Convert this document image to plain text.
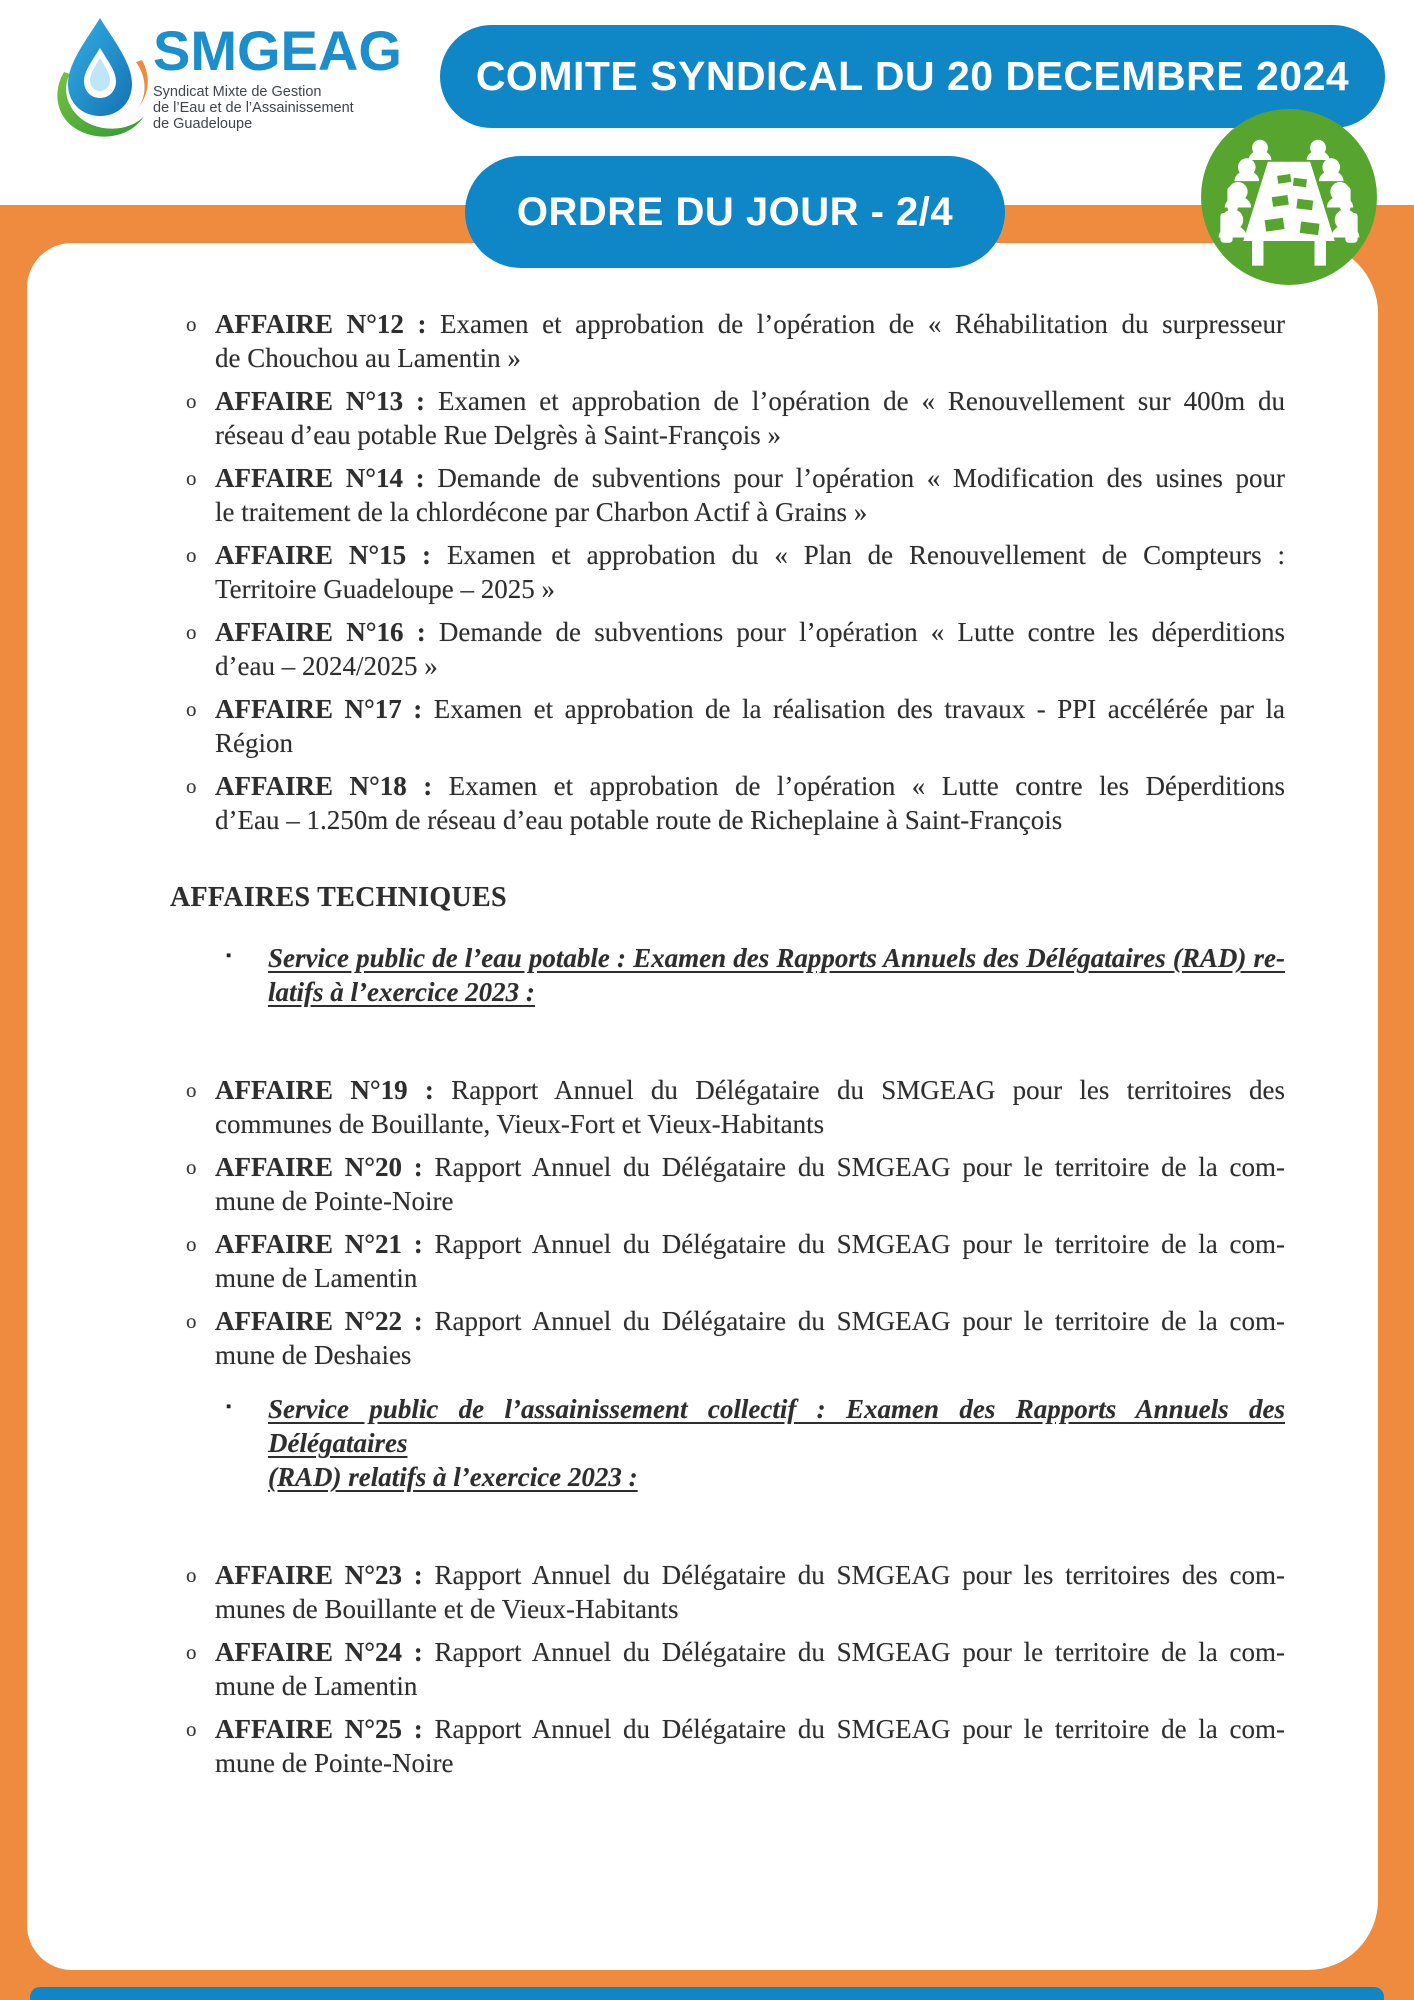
SMGEAG
Syndicat Mixte de Gestion
de l’Eau et de l’Assainissement
de Guadeloupe
COMITE SYNDICAL DU 20 DECEMBRE 2024
ORDRE DU JOUR - 2/4
o AFFAIRE N°12 : Examen et approbation de l’opération de « Réhabilitation du surpresseur
de Chouchou au Lamentin »
o AFFAIRE N°13 : Examen et approbation de l’opération de « Renouvellement sur 400m du
réseau d’eau potable Rue Delgrès à Saint-François »
o AFFAIRE N°14 : Demande de subventions pour l’opération « Modification des usines pour
le traitement de la chlordécone par Charbon Actif à Grains »
o AFFAIRE N°15 : Examen et approbation du « Plan de Renouvellement de Compteurs :
Territoire Guadeloupe – 2025 »
o AFFAIRE N°16 : Demande de subventions pour l’opération « Lutte contre les déperditions
d’eau – 2024/2025 »
o AFFAIRE N°17 : Examen et approbation de la réalisation des travaux - PPI accélérée par la
Région
o AFFAIRE N°18 : Examen et approbation de l’opération « Lutte contre les Déperditions
d’Eau – 1.250m de réseau d’eau potable route de Richeplaine à Saint-François
AFFAIRES TECHNIQUES
▪ Service public de l’eau potable : Examen des Rapports Annuels des Délégataires (RAD) re-
latifs à l’exercice 2023 :
o AFFAIRE N°19 : Rapport Annuel du Délégataire du SMGEAG pour les territoires des
communes de Bouillante, Vieux-Fort et Vieux-Habitants
o AFFAIRE N°20 : Rapport Annuel du Délégataire du SMGEAG pour le territoire de la com-
mune de Pointe-Noire
o AFFAIRE N°21 : Rapport Annuel du Délégataire du SMGEAG pour le territoire de la com-
mune de Lamentin
o AFFAIRE N°22 : Rapport Annuel du Délégataire du SMGEAG pour le territoire de la com-
mune de Deshaies
▪ Service public de l’assainissement collectif : Examen des Rapports Annuels des Délégataires
(RAD) relatifs à l’exercice 2023 :
o AFFAIRE N°23 : Rapport Annuel du Délégataire du SMGEAG pour les territoires des com-
munes de Bouillante et de Vieux-Habitants
o AFFAIRE N°24 : Rapport Annuel du Délégataire du SMGEAG pour le territoire de la com-
mune de Lamentin
o AFFAIRE N°25 : Rapport Annuel du Délégataire du SMGEAG pour le territoire de la com-
mune de Pointe-Noire
